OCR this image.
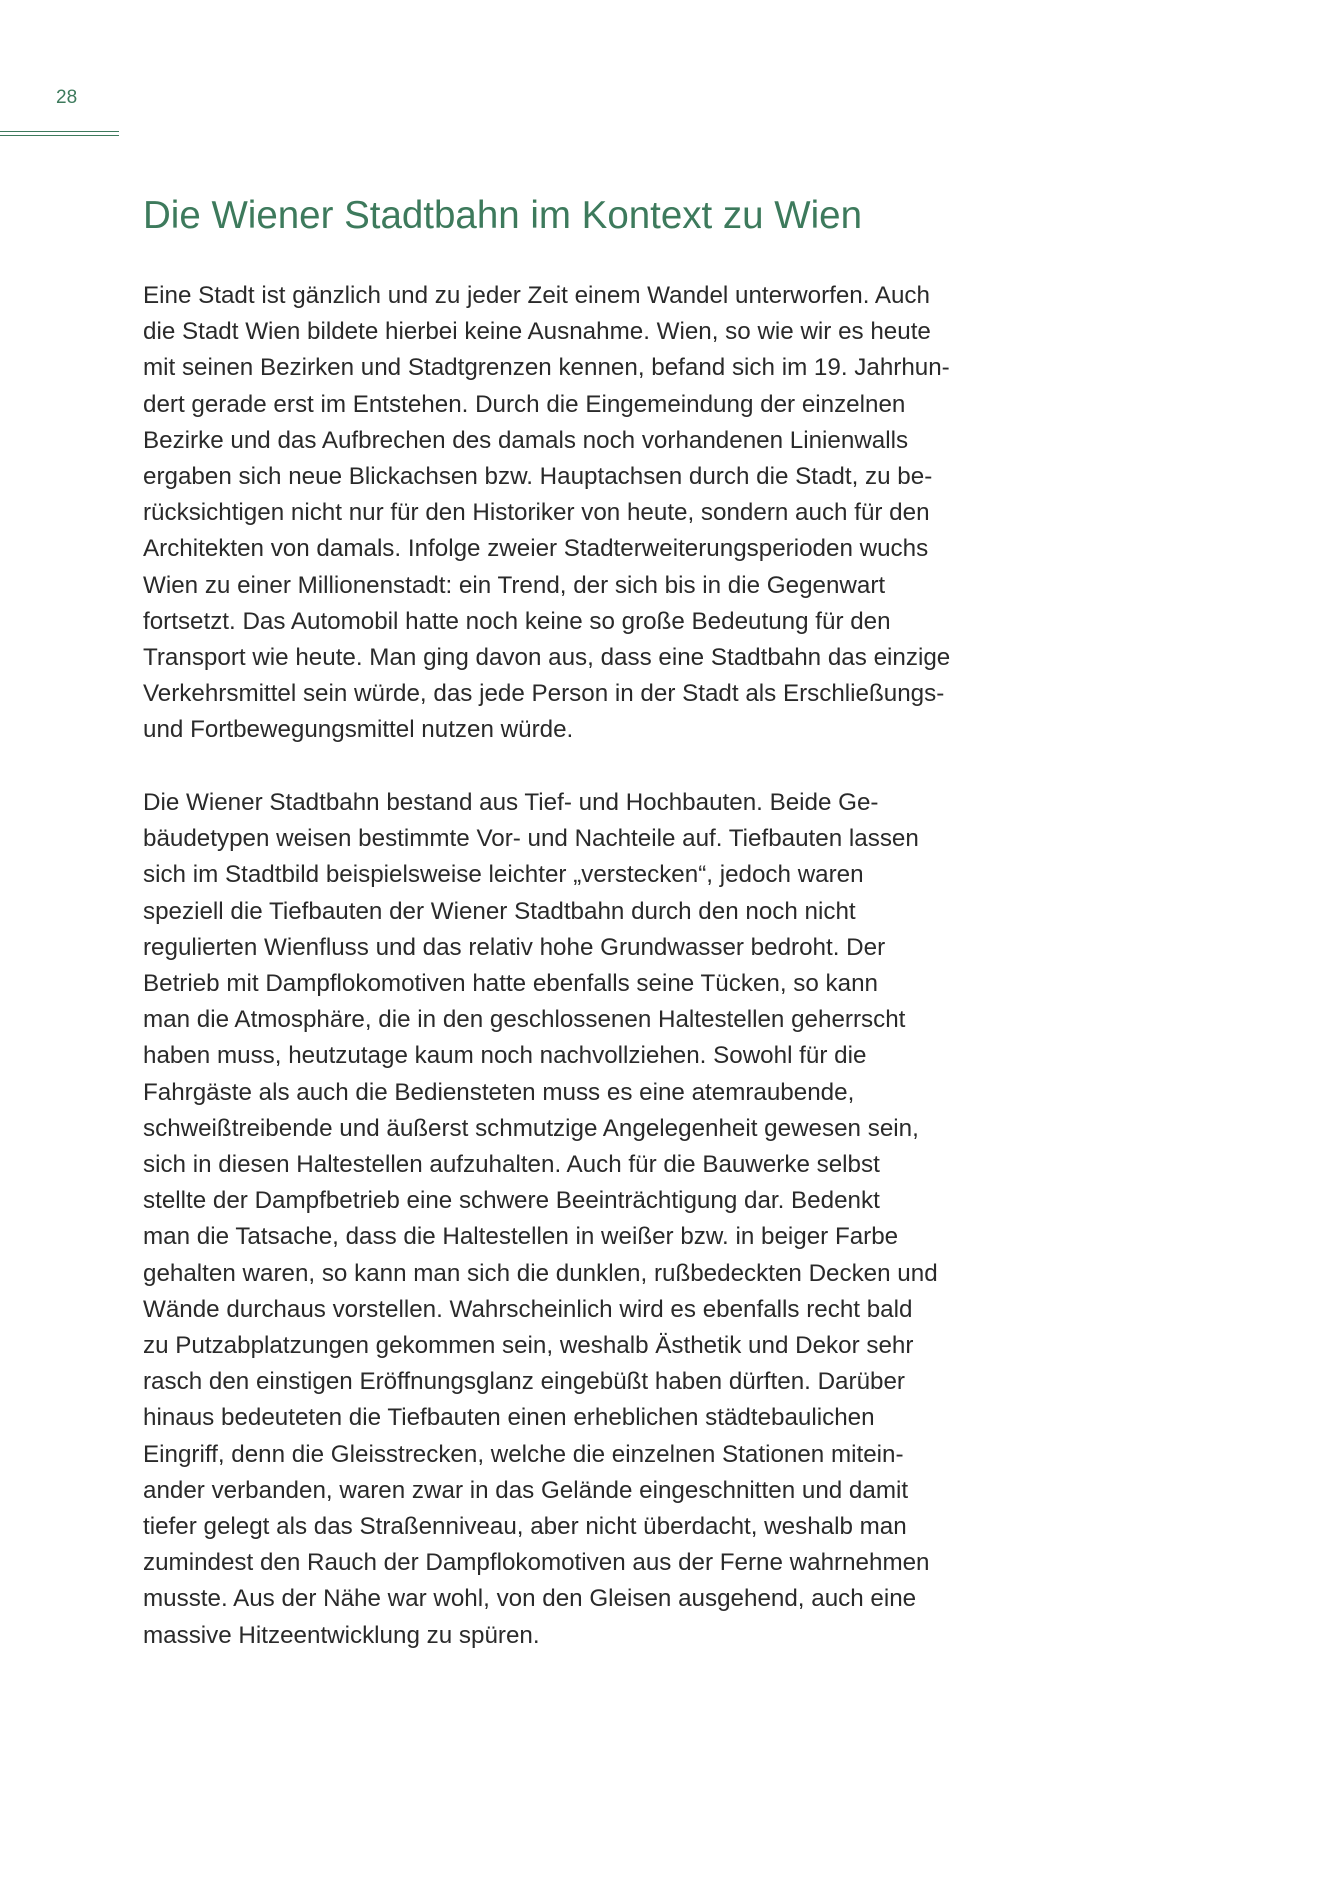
28
Die Wiener Stadtbahn im Kontext zu Wien
Eine Stadt ist gänzlich und zu jeder Zeit einem Wandel unterworfen. Auch
die Stadt Wien bildete hierbei keine Ausnahme. Wien, so wie wir es heute
mit seinen Bezirken und Stadtgrenzen kennen, befand sich im 19. Jahrhun-
dert gerade erst im Entstehen. Durch die Eingemeindung der einzelnen
Bezirke und das Aufbrechen des damals noch vorhandenen Linienwalls
ergaben sich neue Blickachsen bzw. Hauptachsen durch die Stadt, zu be-
rücksichtigen nicht nur für den Historiker von heute, sondern auch für den
Architekten von damals. Infolge zweier Stadterweiterungsperioden wuchs
Wien zu einer Millionenstadt: ein Trend, der sich bis in die Gegenwart
fortsetzt. Das Automobil hatte noch keine so große Bedeutung für den
Transport wie heute. Man ging davon aus, dass eine Stadtbahn das einzige
Verkehrsmittel sein würde, das jede Person in der Stadt als Erschließungs-
und Fortbewegungsmittel nutzen würde.
Die Wiener Stadtbahn bestand aus Tief- und Hochbauten. Beide Ge-
bäudetypen weisen bestimmte Vor- und Nachteile auf. Tiefbauten lassen
sich im Stadtbild beispielsweise leichter „verstecken“, jedoch waren
speziell die Tiefbauten der Wiener Stadtbahn durch den noch nicht
regulierten Wienfluss und das relativ hohe Grundwasser bedroht. Der
Betrieb mit Dampflokomotiven hatte ebenfalls seine Tücken, so kann
man die Atmosphäre, die in den geschlossenen Haltestellen geherrscht
haben muss, heutzutage kaum noch nachvollziehen. Sowohl für die
Fahrgäste als auch die Bediensteten muss es eine atemraubende,
schweißtreibende und äußerst schmutzige Angelegenheit gewesen sein,
sich in diesen Haltestellen aufzuhalten. Auch für die Bauwerke selbst
stellte der Dampfbetrieb eine schwere Beeinträchtigung dar. Bedenkt
man die Tatsache, dass die Haltestellen in weißer bzw. in beiger Farbe
gehalten waren, so kann man sich die dunklen, rußbedeckten Decken und
Wände durchaus vorstellen. Wahrscheinlich wird es ebenfalls recht bald
zu Putzabplatzungen gekommen sein, weshalb Ästhetik und Dekor sehr
rasch den einstigen Eröffnungsglanz eingebüßt haben dürften. Darüber
hinaus bedeuteten die Tiefbauten einen erheblichen städtebaulichen
Eingriff, denn die Gleisstrecken, welche die einzelnen Stationen mitein-
ander verbanden, waren zwar in das Gelände eingeschnitten und damit
tiefer gelegt als das Straßenniveau, aber nicht überdacht, weshalb man
zumindest den Rauch der Dampflokomotiven aus der Ferne wahrnehmen
musste. Aus der Nähe war wohl, von den Gleisen ausgehend, auch eine
massive Hitzeentwicklung zu spüren.
